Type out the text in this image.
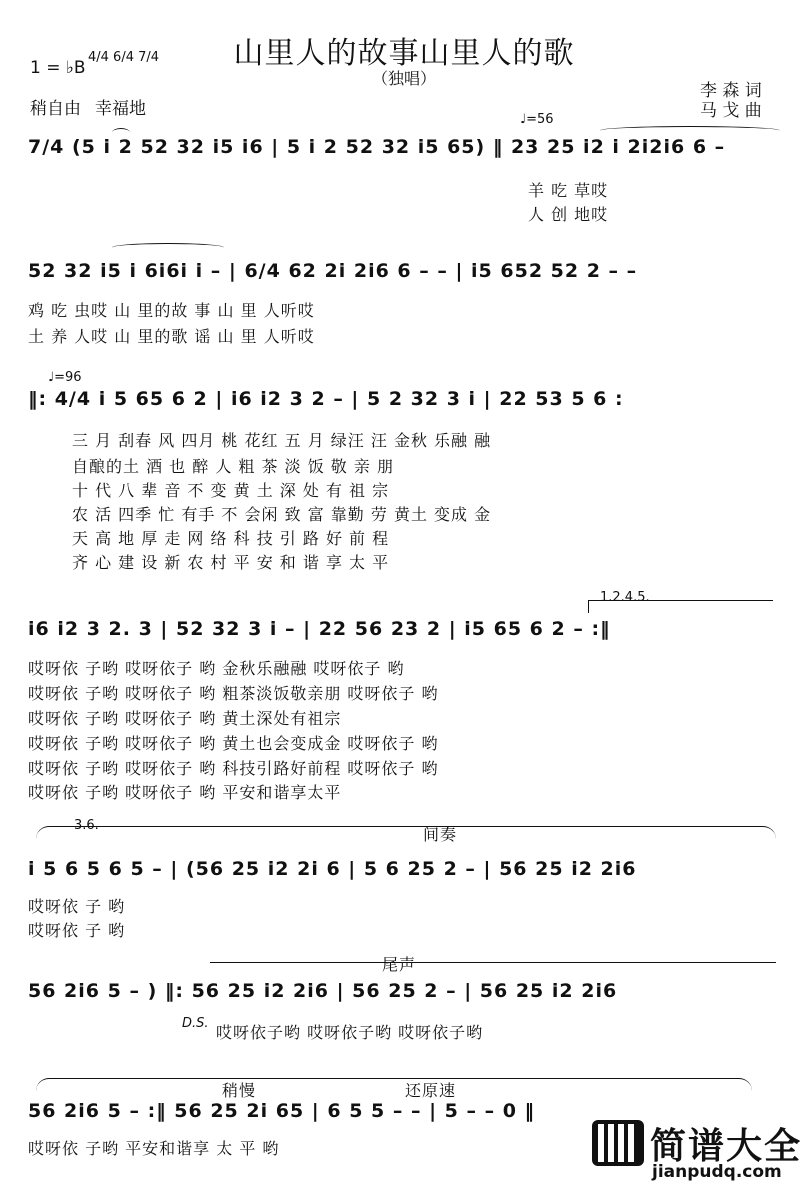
山里人的故事山里人的歌
（独唱）
1 = ♭B
4/4 6/4 7/4
稍自由 幸福地
李 森 词
马 戈 曲
♩=56
7/4 (5 i 2 52 32 i5 i6 | 5 i 2 52 32 i5 65) ‖ 23 25 i2 i 2i2i6 6 –
羊 吃 草哎
人 创 地哎
52 32 i5 i 6i6i i – | 6/4 62 2i 2i6 6 – – | i5 652 52 2 – –
鸡 吃 虫哎 山 里的故 事 山 里 人听哎
土 养 人哎 山 里的歌 谣 山 里 人听哎
♩=96
‖: 4/4 i 5 65 6 2 | i6 i2 3 2 – | 5 2 32 3 i | 22 53 5 6 :
三 月 刮春 风 四月 桃 花红 五 月 绿汪 汪 金秋 乐融 融
自酿的土 酒 也 醉 人 粗 茶 淡 饭 敬 亲 朋
十 代 八 辈 音 不 变 黄 土 深 处 有 祖 宗
农 活 四季 忙 有手 不 会闲 致 富 靠勤 劳 黄土 变成 金
天 高 地 厚 走 网 络 科 技 引 路 好 前 程
齐 心 建 设 新 农 村 平 安 和 谐 享 太 平
1.2.4.5.
i6 i2 3 2. 3 | 52 32 3 i – | 22 56 23 2 | i5 65 6 2 – :‖
哎呀依 子哟 哎呀依子 哟 金秋乐融融 哎呀依子 哟
哎呀依 子哟 哎呀依子 哟 粗茶淡饭敬亲朋 哎呀依子 哟
哎呀依 子哟 哎呀依子 哟 黄土深处有祖宗
哎呀依 子哟 哎呀依子 哟 黄土也会变成金 哎呀依子 哟
哎呀依 子哟 哎呀依子 哟 科技引路好前程 哎呀依子 哟
哎呀依 子哟 哎呀依子 哟 平安和谐享太平
3.6.	间奏
i 5 6 5 6 5 – | (56 25 i2 2i 6 | 5 6 25 2 – | 56 25 i2 2i6
哎呀依 子 哟
哎呀依 子 哟
尾声
56 2i6 5 – ) ‖: 56 25 i2 2i6 | 56 25 2 – | 56 25 i2 2i6
D.S. 哎呀依子哟 哎呀依子哟 哎呀依子哟
稍慢	还原速
56 2i6 5 – :‖ 56 25 2i 65 | 6 5 5 – – | 5 – – 0 ‖
哎呀依 子哟 平安和谐享 太 平 哟	简谱大全
jianpudq.com
